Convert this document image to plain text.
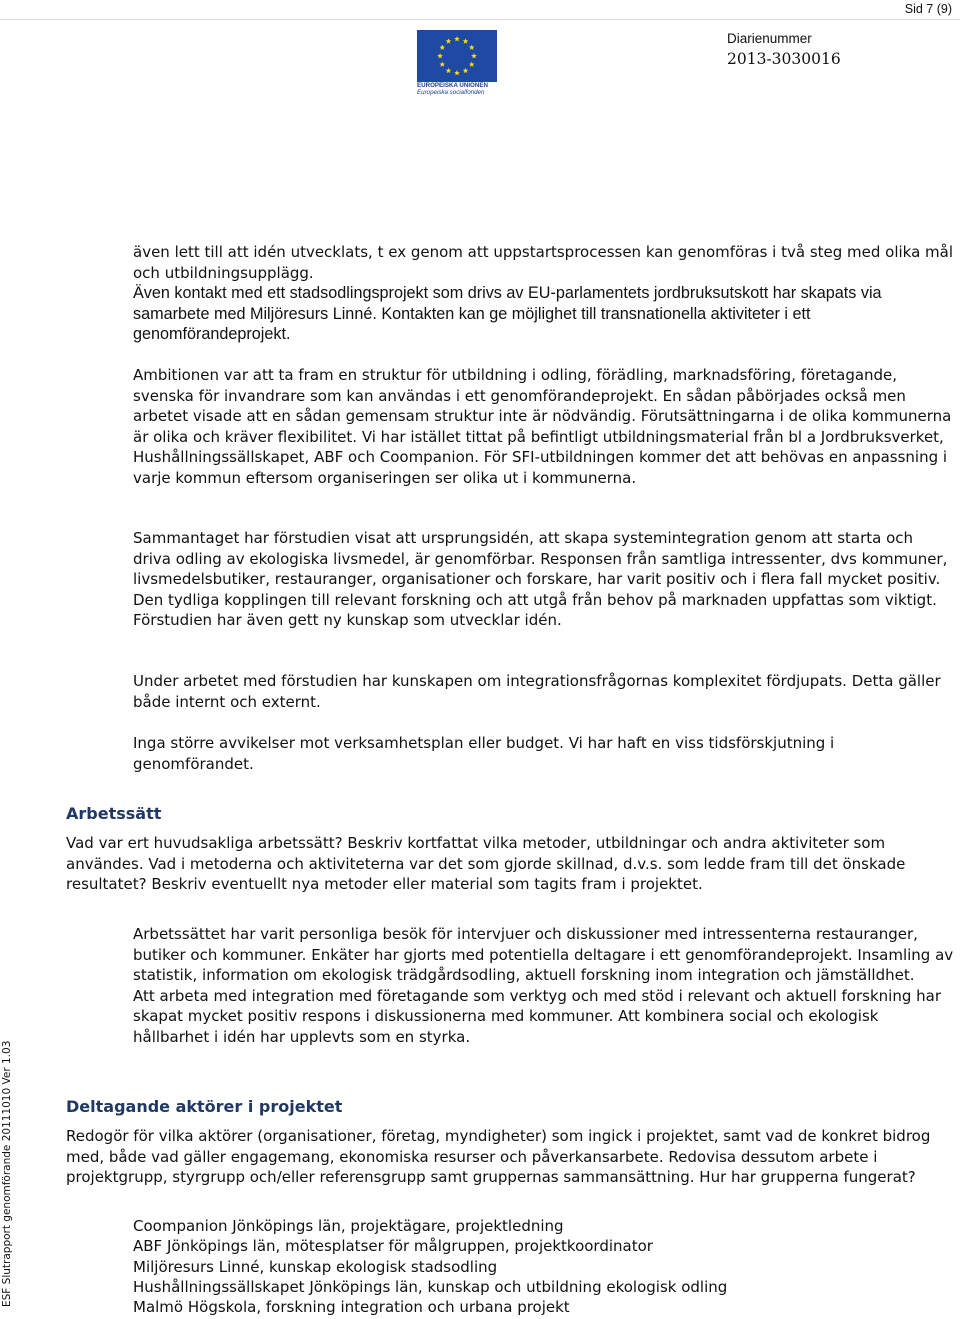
Sid 7 (9)
EUROPEISKA UNIONEN
Europeiska socialfonden
Diarienummer
2013-3030016

även lett till att idén utvecklats, t ex genom att uppstartsprocessen kan genomföras i två steg med olika mål och utbildningsupplägg.

Även kontakt med ett stadsodlingsprojekt som drivs av EU-parlamentets jordbruksutskott har skapats via samarbete med Miljöresurs Linné. Kontakten kan ge möjlighet till transnationella aktiviteter i ett genomförandeprojekt.

Ambitionen var att ta fram en struktur för utbildning i odling, förädling, marknadsföring, företagande, svenska för invandrare som kan användas i ett genomförandeprojekt. En sådan påbörjades också men arbetet visade att en sådan gemensam struktur inte är nödvändig. Förutsättningarna i de olika kommunerna är olika och kräver flexibilitet. Vi har istället tittat på befintligt utbildningsmaterial från bl a Jordbruksverket, Hushållningssällskapet, ABF och Coompanion. För SFI-utbildningen kommer det att behövas en anpassning i varje kommun eftersom organiseringen ser olika ut i kommunerna.

Sammantaget har förstudien visat att ursprungsidén, att skapa systemintegration genom att starta och driva odling av ekologiska livsmedel, är genomförbar. Responsen från samtliga intressenter, dvs kommuner, livsmedelsbutiker, restauranger, organisationer och forskare, har varit positiv och i flera fall mycket positiv. Den tydliga kopplingen till relevant forskning och att utgå från behov på marknaden uppfattas som viktigt. Förstudien har även gett ny kunskap som utvecklar idén.

Under arbetet med förstudien har kunskapen om integrationsfrågornas komplexitet fördjupats. Detta gäller både internt och externt.

Inga större avvikelser mot verksamhetsplan eller budget. Vi har haft en viss tidsförskjutning i genomförandet.

Arbetssätt

Vad var ert huvudsakliga arbetssätt? Beskriv kortfattat vilka metoder, utbildningar och andra aktiviteter som användes. Vad i metoderna och aktiviteterna var det som gjorde skillnad, d.v.s. som ledde fram till det önskade resultatet? Beskriv eventuellt nya metoder eller material som tagits fram i projektet.

Arbetssättet har varit personliga besök för intervjuer och diskussioner med intressenterna restauranger, butiker och kommuner. Enkäter har gjorts med potentiella deltagare i ett genomförandeprojekt. Insamling av statistik, information om ekologisk trädgårdsodling, aktuell forskning inom integration och jämställdhet.

Att arbeta med integration med företagande som verktyg och med stöd i relevant och aktuell forskning har skapat mycket positiv respons i diskussionerna med kommuner. Att kombinera social och ekologisk hållbarhet i idén har upplevts som en styrka.

Deltagande aktörer i projektet

Redogör för vilka aktörer (organisationer, företag, myndigheter) som ingick i projektet, samt vad de konkret bidrog med, både vad gäller engagemang, ekonomiska resurser och påverkansarbete. Redovisa dessutom arbete i projektgrupp, styrgrupp och/eller referensgrupp samt gruppernas sammansättning. Hur har grupperna fungerat?

Coompanion Jönköpings län, projektägare, projektledning

ABF Jönköpings län, mötesplatser för målgruppen, projektkoordinator

Miljöresurs Linné, kunskap ekologisk stadsodling

Hushållningssällskapet Jönköpings län, kunskap och utbildning ekologisk odling

Malmö Högskola, forskning integration och urbana projekt

ESF Slutrapport genomförande 20111010 Ver 1.03
